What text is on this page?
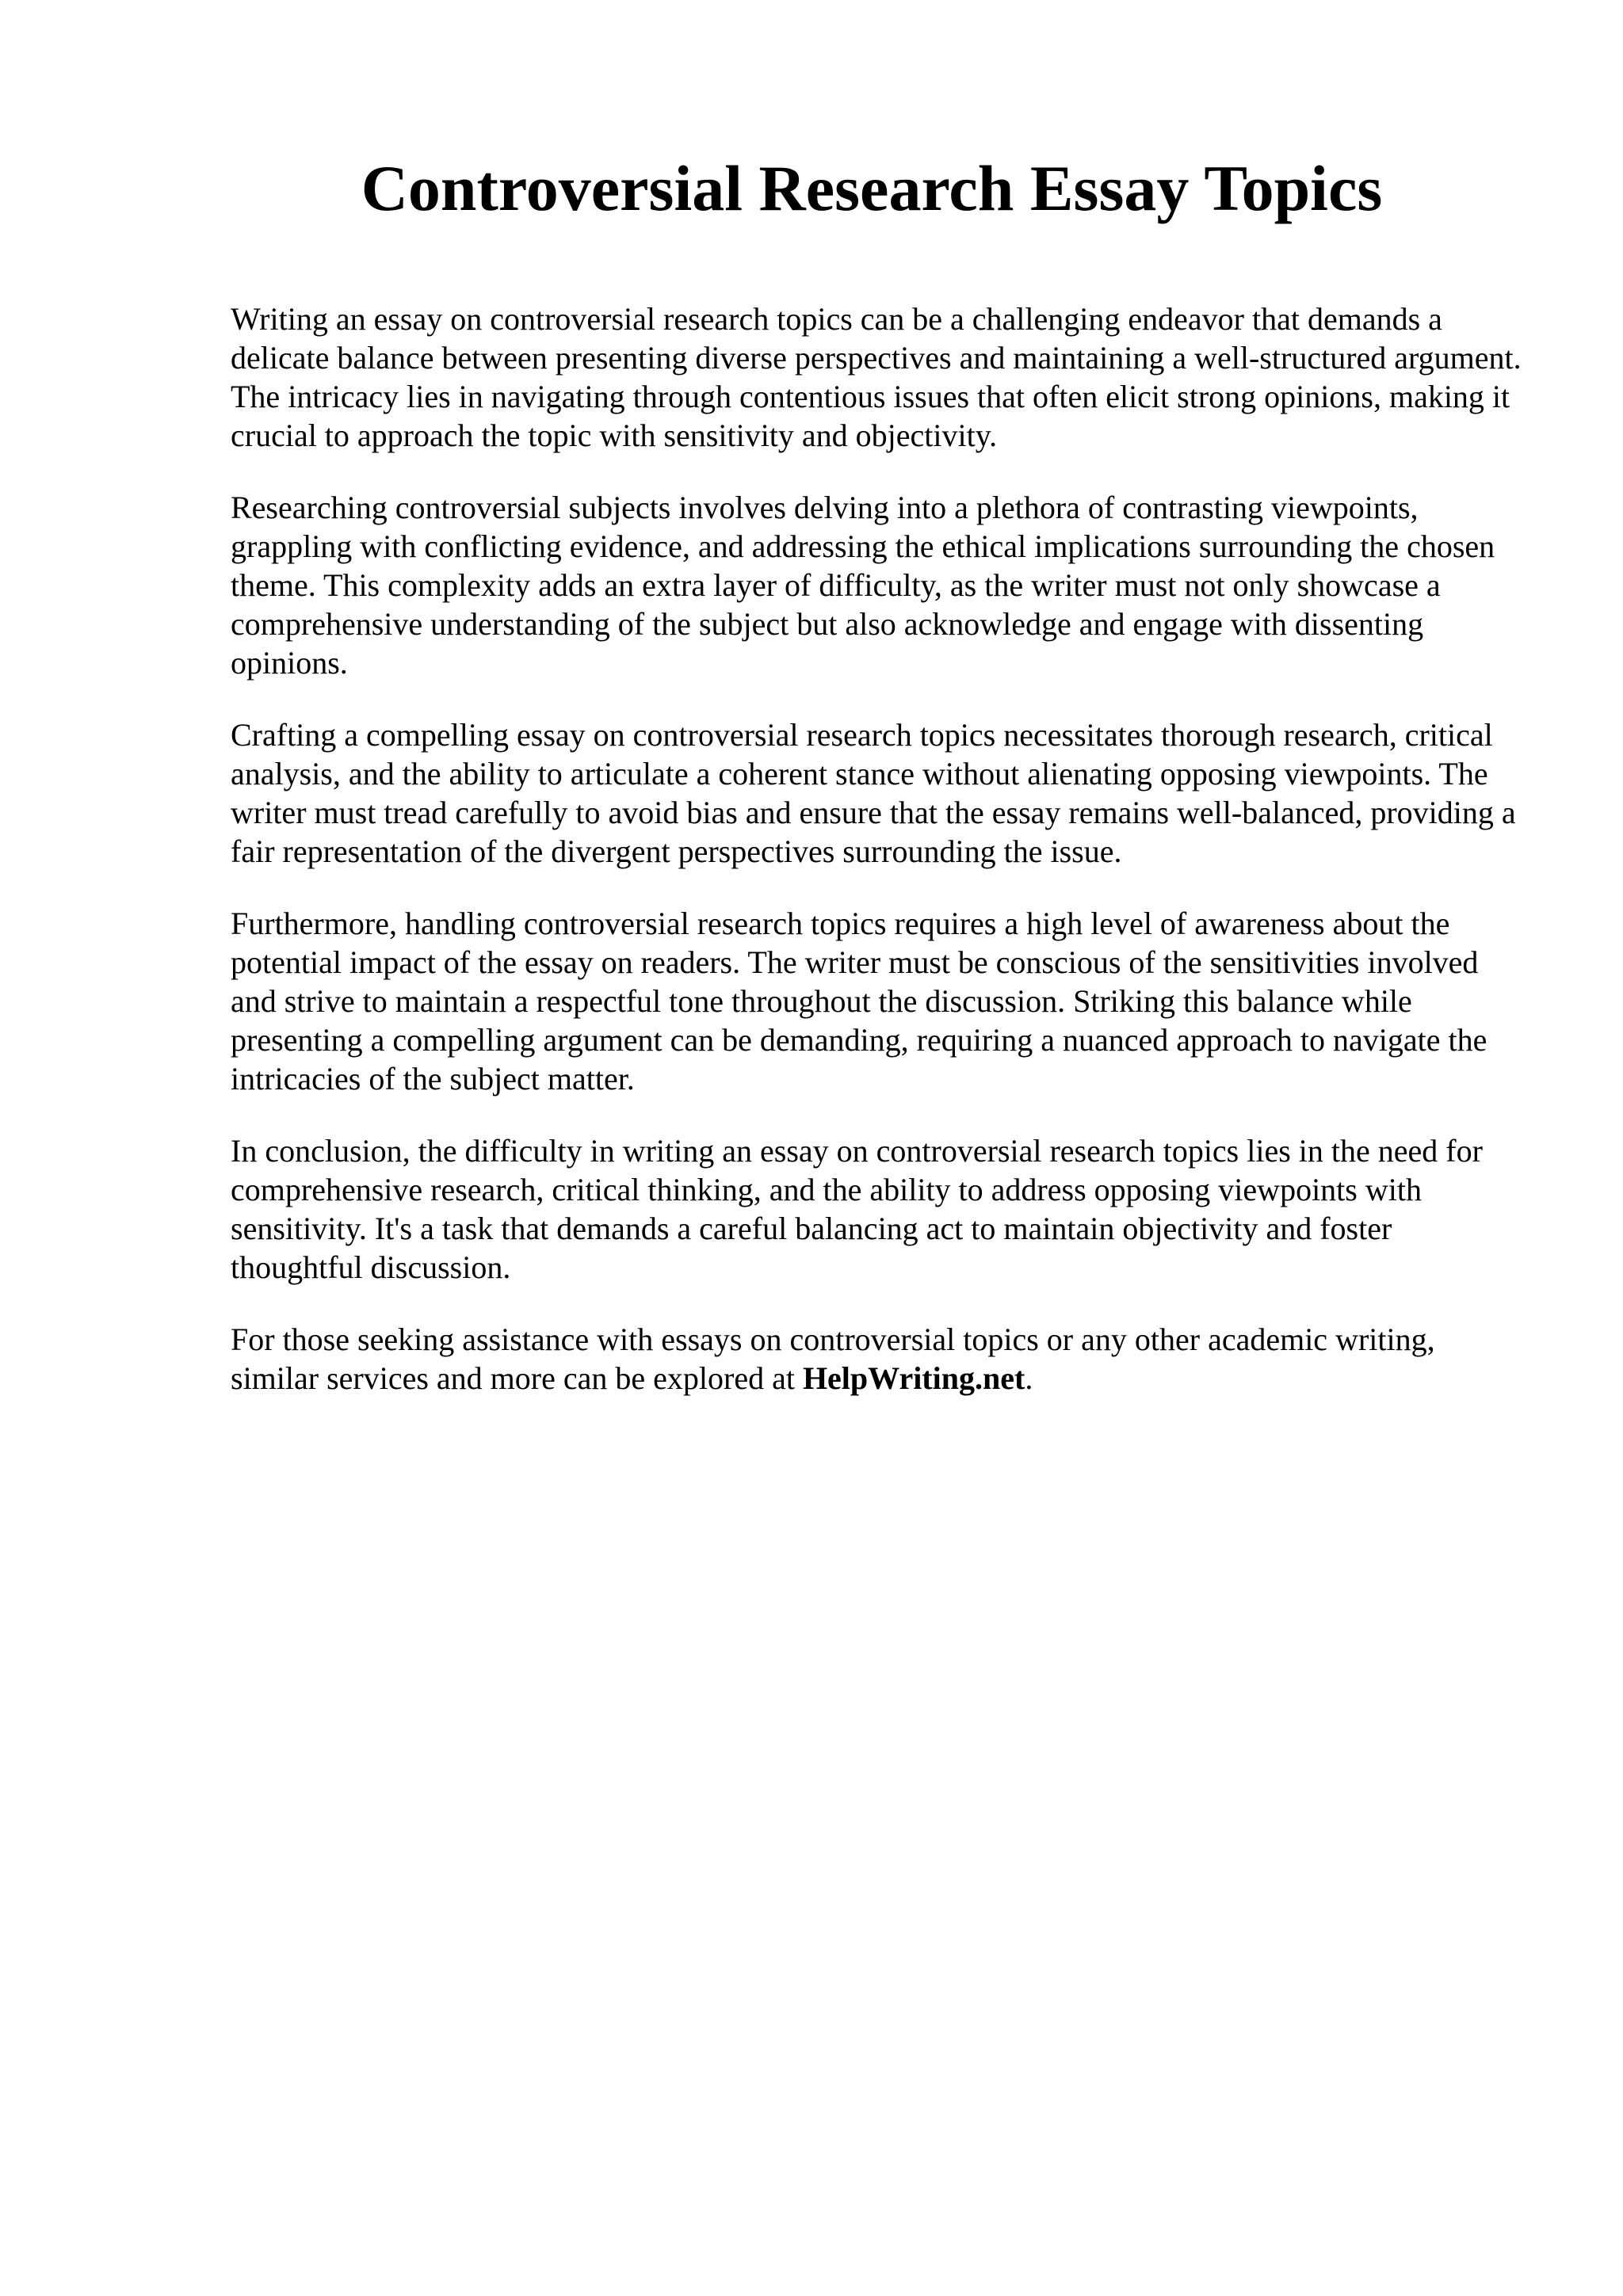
Controversial Research Essay Topics

Writing an essay on controversial research topics can be a challenging endeavor that demands a delicate balance between presenting diverse perspectives and maintaining a well-structured argument. The intricacy lies in navigating through contentious issues that often elicit strong opinions, making it crucial to approach the topic with sensitivity and objectivity.

Researching controversial subjects involves delving into a plethora of contrasting viewpoints, grappling with conflicting evidence, and addressing the ethical implications surrounding the chosen theme. This complexity adds an extra layer of difficulty, as the writer must not only showcase a comprehensive understanding of the subject but also acknowledge and engage with dissenting opinions.

Crafting a compelling essay on controversial research topics necessitates thorough research, critical analysis, and the ability to articulate a coherent stance without alienating opposing viewpoints. The writer must tread carefully to avoid bias and ensure that the essay remains well-balanced, providing a fair representation of the divergent perspectives surrounding the issue.

Furthermore, handling controversial research topics requires a high level of awareness about the potential impact of the essay on readers. The writer must be conscious of the sensitivities involved and strive to maintain a respectful tone throughout the discussion. Striking this balance while presenting a compelling argument can be demanding, requiring a nuanced approach to navigate the intricacies of the subject matter.

In conclusion, the difficulty in writing an essay on controversial research topics lies in the need for comprehensive research, critical thinking, and the ability to address opposing viewpoints with sensitivity. It's a task that demands a careful balancing act to maintain objectivity and foster thoughtful discussion.

For those seeking assistance with essays on controversial topics or any other academic writing, similar services and more can be explored at HelpWriting.net.
